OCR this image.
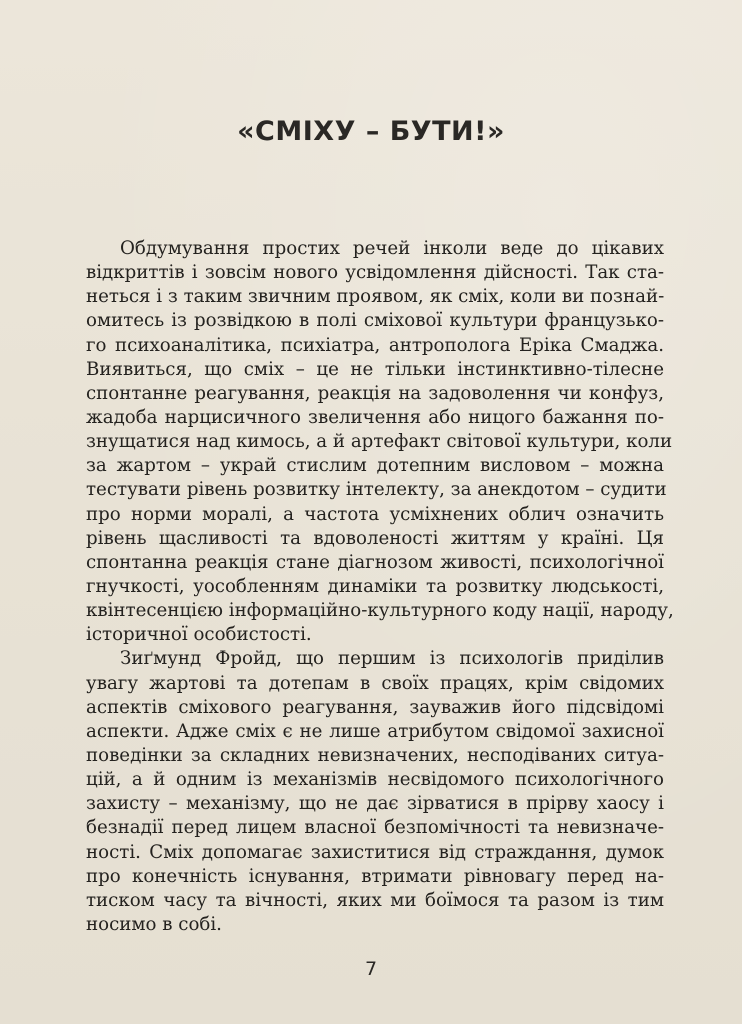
«СМІХУ – БУТИ!»
Обдумування простих речей інколи веде до цікавих
відкриттів і зовсім нового усвідомлення дійсності. Так ста-
неться і з таким звичним проявом, як сміх, коли ви познай-
омитесь із розвідкою в полі сміхової культури французько-
го психоаналітика, психіатра, антрополога Еріка Смаджа.
Виявиться, що сміх – це не тільки інстинктивно-тілесне
спонтанне реагування, реакція на задоволення чи конфуз,
жадоба нарцисичного звеличення або ницого бажання по-
знущатися над кимось, а й артефакт світової культури, коли
за жартом – украй стислим дотепним висловом – можна
тестувати рівень розвитку інтелекту, за анекдотом – судити
про норми моралі, а частота усміхнених облич означить
рівень щасливості та вдоволеності життям у країні. Ця
спонтанна реакція стане діагнозом живості, психологічної
гнучкості, уособленням динаміки та розвитку людськості,
квінтесенцією інформаційно-культурного коду нації, народу,
історичної особистості.
Зиґмунд Фройд, що першим із психологів приділив
увагу жартові та дотепам в своїх працях, крім свідомих
аспектів сміхового реагування, зауважив його підсвідомі
аспекти. Адже сміх є не лише атрибутом свідомої захисної
поведінки за складних невизначених, несподіваних ситуа-
цій, а й одним із механізмів несвідомого психологічного
захисту – механізму, що не дає зірватися в прірву хаосу і
безнадії перед лицем власної безпомічності та невизначе-
ності. Сміх допомагає захиститися від страждання, думок
про конечність існування, втримати рівновагу перед на-
тиском часу та вічності, яких ми боїмося та разом із тим
носимо в собі.
7
